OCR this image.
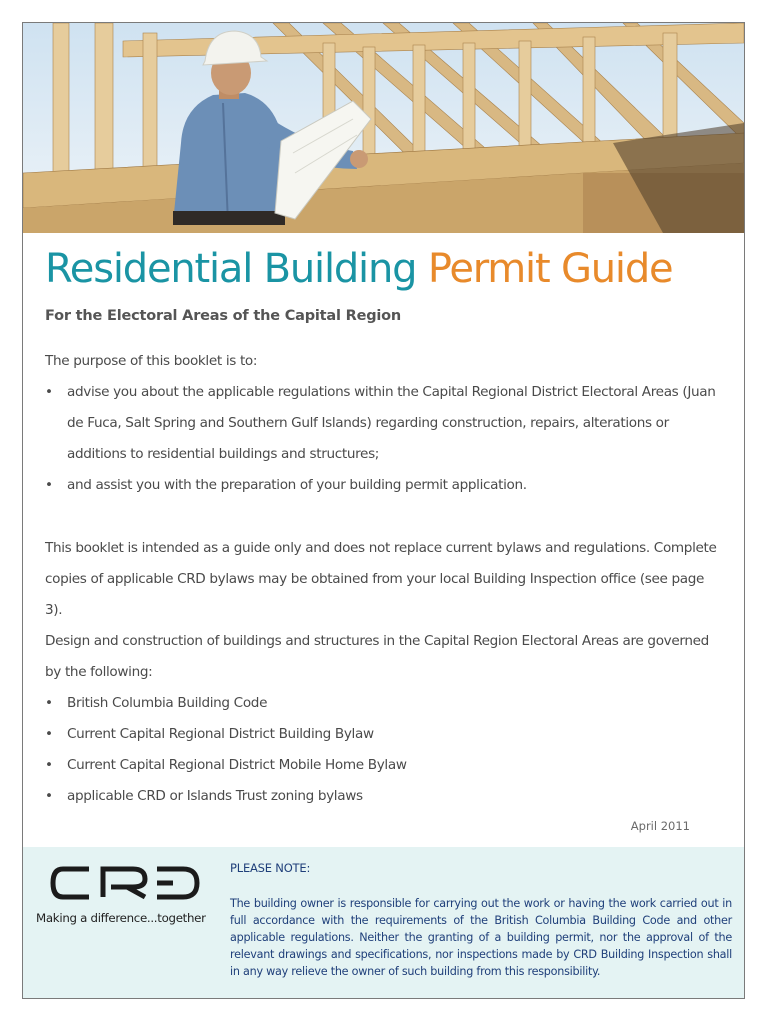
Residential Building Permit Guide
For the Electoral Areas of the Capital Region

The purpose of this booklet is to:

• advise you about the applicable regulations within the Capital Regional District Electoral Areas (Juan de Fuca, Salt Spring and Southern Gulf Islands) regarding construction, repairs, alterations or additions to residential buildings and structures;
• and assist you with the preparation of your building permit application.

This booklet is intended as a guide only and does not replace current bylaws and regulations. Complete copies of applicable CRD bylaws may be obtained from your local Building Inspection office (see page 3).

Design and construction of buildings and structures in the Capital Region Electoral Areas are governed by the following:

• British Columbia Building Code
• Current Capital Regional District Building Bylaw
• Current Capital Regional District Mobile Home Bylaw
• applicable CRD or Islands Trust zoning bylaws
April 2011
Making a difference...together
PLEASE NOTE:

The building owner is responsible for carrying out the work or having the work carried out in full accordance with the requirements of the British Columbia Building Code and other applicable regulations. Neither the granting of a building permit, nor the approval of the relevant drawings and specifications, nor inspections made by CRD Building Inspection shall in any way relieve the owner of such building from this responsibility.
